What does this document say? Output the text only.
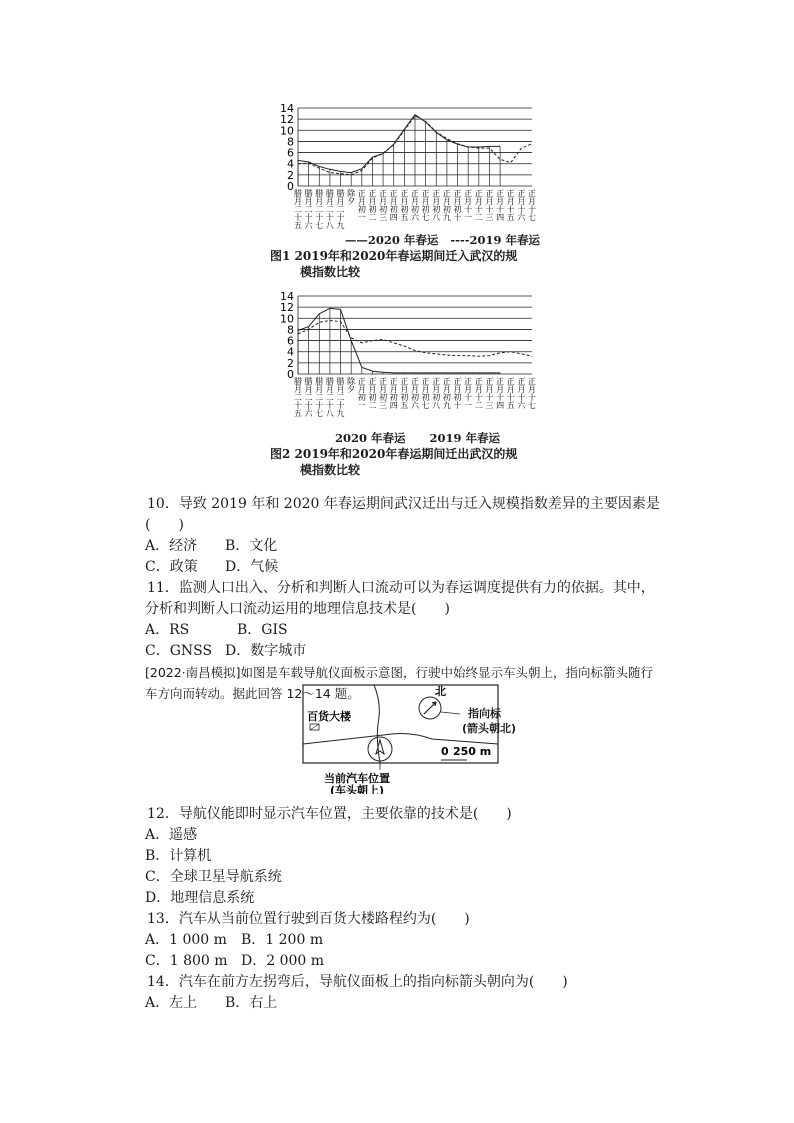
0
2
4
6
8
10
12
14
腊月二十五 腊月二十六 腊月二十七 腊月二十八 腊月二十九 除夕 正月初一 正月初二 正月初三 正月初四 正月初五 正月初六 正月初七 正月初八 正月初九 正月初十 正月十一 正月十二 正月十三 正月十四 正月十五 正月十六 正月十七
——2020 年春运 ----2019 年春运
图1 2019年和2020年春运期间迁入武汉的规
模指数比较
0
2
4
6
8
10
12
14
腊月二十五 腊月二十六 腊月二十七 腊月二十八 腊月二十九 除夕 正月初一 正月初二 正月初三 正月初四 正月初五 正月初六 正月初七 正月初八 正月初九 正月初十 正月十一 正月十二 正月十三 正月十四 正月十五 正月十六 正月十七
2020 年春运 2019 年春运
图2 2019年和2020年春运期间迁出武汉的规
模指数比较

10．导致 2019 年和 2020 年春运期间武汉迁出与迁入规模指数差异的主要因素是(　　)

A．经济 B．文化

C．政策 D．气候

11．监测人口出入、分析和判断人口流动可以为春运调度提供有力的依据。其中，分析和判断人口流动运用的地理信息技术是(　　)

A．RS	B．GIS

C．GNSS D．数字城市

[2022·南昌模拟]如图是车载导航仪面板示意图，行驶中始终显示车头朝上，指向标箭头随行车方向而转动。据此回答 12～14 题。

百货大楼
北
0 250 m
当前汽车位置
(车头朝上)
指向标
(箭头朝北)

12．导航仪能即时显示汽车位置，主要依靠的技术是(　　)

A．遥感

B．计算机

C．全球卫星导航系统

D．地理信息系统

13．汽车从当前位置行驶到百货大楼路程约为(　　)

A．1 000 m B．1 200 m

C．1 800 m D．2 000 m

14．汽车在前方左拐弯后，导航仪面板上的指向标箭头朝向为(　　)

A．左上 B．右上
